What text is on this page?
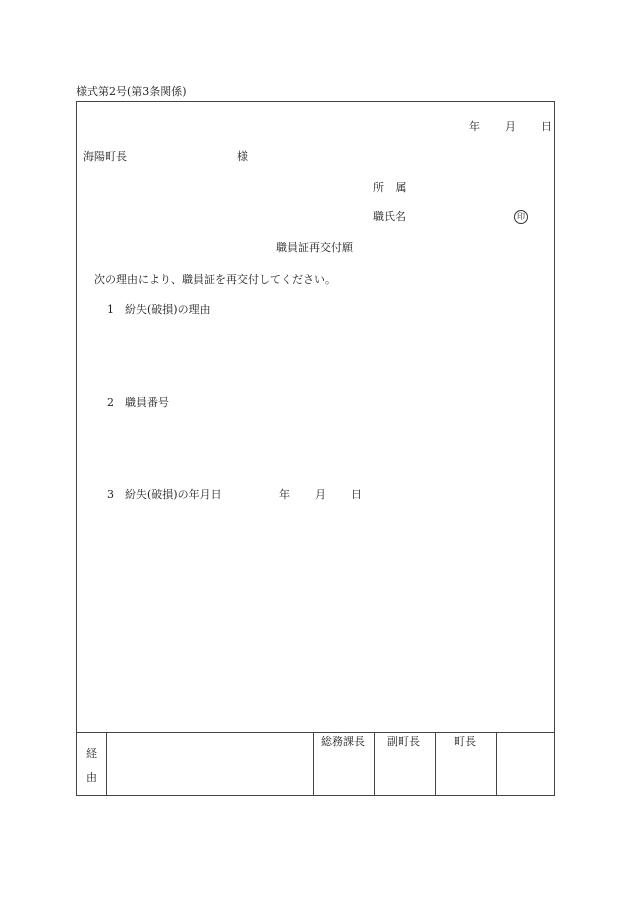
様式第2号(第3条関係)
年 月 日
海陽町長	様
所 属
職氏名	印
職員証再交付願
次の理由により、職員証を再交付してください。
1 紛失(破損)の理由
2 職員番号
3 紛失(破損)の年月日	年 月 日
経
由
総務課長 副町長	町長
